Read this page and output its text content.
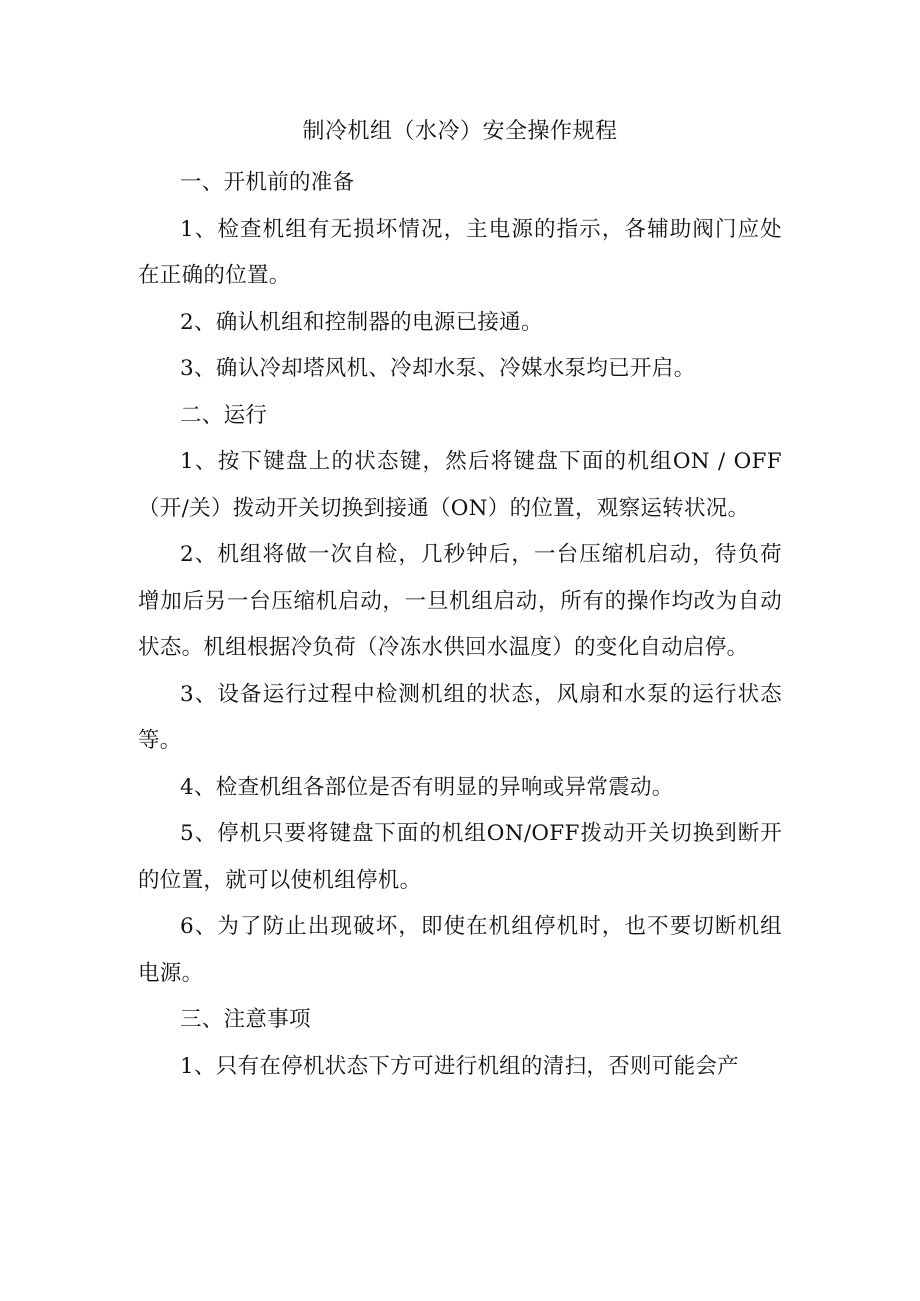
制冷机组（水冷）安全操作规程

一、开机前的准备

1、检查机组有无损坏情况，主电源的指示，各辅助阀门应处在正确的位置。

2、确认机组和控制器的电源已接通。

3、确认冷却塔风机、冷却水泵、冷媒水泵均已开启。

二、运行

1、按下键盘上的状态键，然后将键盘下面的机组ON / OFF（开/关）拨动开关切换到接通（ON）的位置，观察运转状况。

2、机组将做一次自检，几秒钟后，一台压缩机启动，待负荷增加后另一台压缩机启动，一旦机组启动，所有的操作均改为自动状态。机组根据冷负荷（冷冻水供回水温度）的变化自动启停。

3、设备运行过程中检测机组的状态，风扇和水泵的运行状态等。

4、检查机组各部位是否有明显的异响或异常震动。

5、停机只要将键盘下面的机组ON/OFF拨动开关切换到断开的位置，就可以使机组停机。

6、为了防止出现破坏，即使在机组停机时，也不要切断机组电源。

三、注意事项

1、只有在停机状态下方可进行机组的清扫，否则可能会产
